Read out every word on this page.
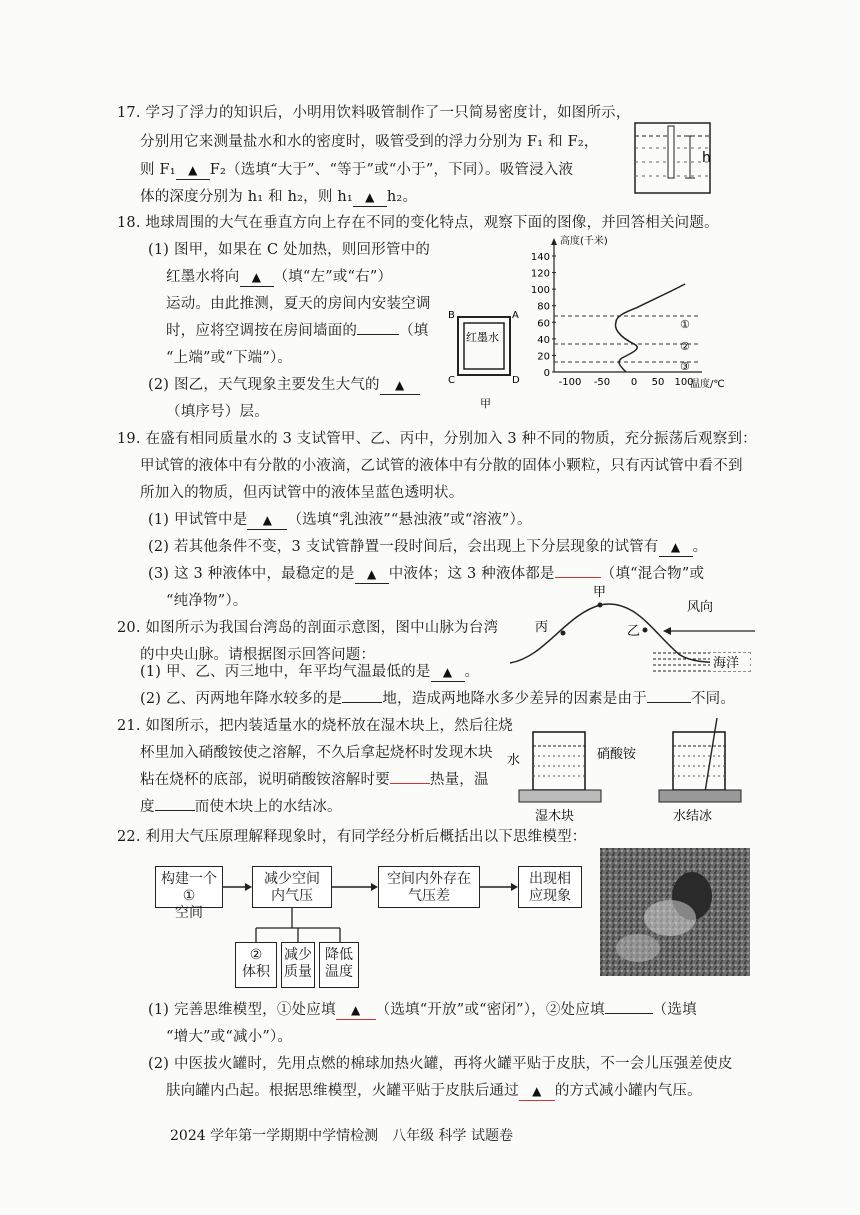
17. 学习了浮力的知识后，小明用饮料吸管制作了一只简易密度计，如图所示，
分别用它来测量盐水和水的密度时，吸管受到的浮力分别为 F₁ 和 F₂，
则 F₁ ▲ F₂（选填“大于”、“等于”或“小于”，下同）。吸管浸入液
体的深度分别为 h₁ 和 h₂，则 h₁ ▲ h₂。
h
18. 地球周围的大气在垂直方向上存在不同的变化特点，观察下面的图像，并回答相关问题。
(1) 图甲，如果在 C 处加热，则回形管中的
红墨水将向 ▲ （填“左”或“右”）
运动。由此推测，夏天的房间内安装空调
时，应将空调按在房间墙面的	（填
“上端”或“下端”）。
(2) 图乙，天气现象主要发生大气的 ▲
（填序号）层。
红墨水
B	A
C	D
甲
高度(千米)
140
120
100
80
60
40
20
0
-100 -50 0 50 100
①
②
③
温度/℃
19. 在盛有相同质量水的 3 支试管甲、乙、丙中，分别加入 3 种不同的物质，充分振荡后观察到：
甲试管的液体中有分散的小液滴，乙试管的液体中有分散的固体小颗粒，只有丙试管中看不到
所加入的物质，但丙试管中的液体呈蓝色透明状。
(1) 甲试管中是 ▲ （选填“乳浊液”“悬浊液”或“溶液”）。
(2) 若其他条件不变，3 支试管静置一段时间后，会出现上下分层现象的试管有 ▲ 。
(3) 这 3 种液体中，最稳定的是 ▲ 中液体；这 3 种液体都是	（填“混合物”或
“纯净物”）。
20. 如图所示为我国台湾岛的剖面示意图，图中山脉为台湾
的中央山脉。请根据图示回答问题：
(1) 甲、乙、丙三地中，年平均气温最低的是 ▲ 。
(2) 乙、丙两地年降水较多的是	地，造成两地降水多少差异的因素是由于	不同。
甲
丙	乙
风向
海洋
21. 如图所示，把内装适量水的烧杯放在湿木块上，然后往烧
杯里加入硝酸铵使之溶解，不久后拿起烧杯时发现木块
粘在烧杯的底部，说明硝酸铵溶解时要	热量，温
度	而使木块上的水结冰。
水
湿木块
硝酸铵
水结冰
22. 利用大气压原理解释现象时，有同学经分析后概括出以下思维模型：
构建一个
①
空间
减少空间
内气压
空间内外存在
气压差
出现相
应现象
②
体积
减少
质量
降低
温度
(1) 完善思维模型，①处应填 ▲ （选填“开放”或“密闭”），②处应填	（选填
“增大”或“减小”）。
(2) 中医拔火罐时，先用点燃的棉球加热火罐，再将火罐平贴于皮肤，不一会儿压强差使皮
肤向罐内凸起。根据思维模型，火罐平贴于皮肤后通过 ▲ 的方式减小罐内气压。
2024 学年第一学期期中学情检测　八年级 科学 试题卷
